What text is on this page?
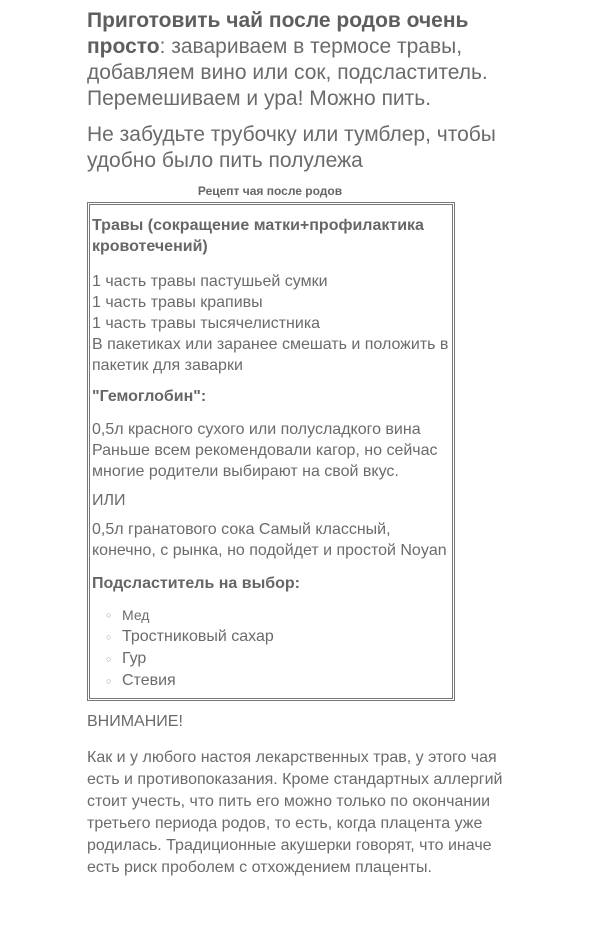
Приготовить чай после родов очень просто: завариваем в термосе травы, добавляем вино или сок, подсластитель. Перемешиваем и ура! Можно пить.

Не забудьте трубочку или тумблер, чтобы удобно было пить полулежа

Рецепт чая после родов

Травы (сокращение матки+профилактика кровотечений)

1 часть травы пастушьей сумки
1 часть травы крапивы
1 часть травы тысячелистника
В пакетиках или заранее смешать и положить в пакетик для заварки

"Гемоглобин":

0,5л красного сухого или полусладкого вина Раньше всем рекомендовали кагор, но сейчас многие родители выбирают на свой вкус.

ИЛИ

0,5л гранатового сока Самый классный, конечно, с рынка, но подойдет и простой Noyan

Подсластитель на выбор:

○ Мед
○ Тростниковый сахар
○ Гур
○ Стевия

ВНИМАНИЕ!

Как и у любого настоя лекарственных трав, у этого чая есть и противопоказания. Кроме стандартных аллергий стоит учесть, что пить его можно только по окончании третьего периода родов, то есть, когда плацента уже родилась. Традиционные акушерки говорят, что иначе есть риск проболем с отхождением плаценты.
